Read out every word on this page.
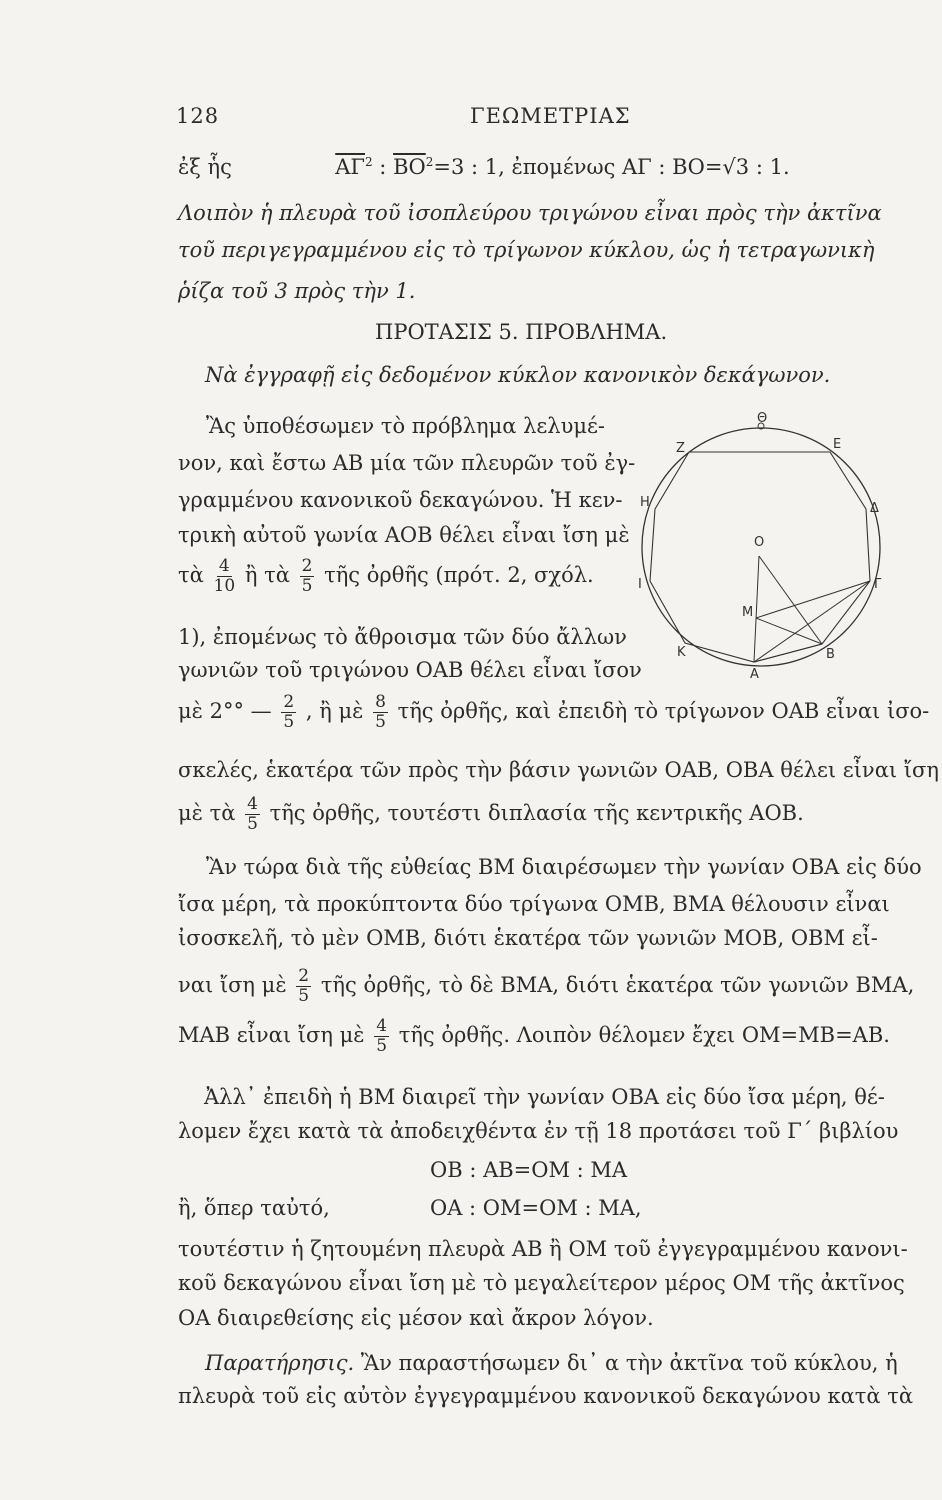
128	ΓΕΩΜΕΤΡΙΑΣ
ἐξ ἧς	$\overline{A\Gamma}^2$ : $\overline{BO}^2=3$ : 1, ἐπομένως ΑΓ : ΒΟ=√3 : 1.
Λοιπὸν ἡ πλευρὰ τοῦ ἰσοπλεύρου τριγώνου εἶναι πρὸς τὴν ἀκτῖνα
τοῦ περιγεγραμμένου εἰς τὸ τρίγωνον κύκλου, ὡς ἡ τετραγωνικὴ
ῥίζα τοῦ 3 πρὸς τὴν 1.
ΠΡΟΤΑΣΙΣ 5. ΠΡΟΒΛΗΜΑ.
Νὰ ἐγγραφῇ εἰς δεδομένον κύκλον κανονικὸν δεκάγωνον.
Ἂς ὑποθέσωμεν τὸ πρόβλημα λελυμέ-
νον, καὶ ἔστω ΑΒ μία τῶν πλευρῶν τοῦ ἐγ-
γραμμένου κανονικοῦ δεκαγώνου. Ἡ κεν-
τρικὴ αὐτοῦ γωνία ΑΟΒ θέλει εἶναι ἴση μὲ
τὰ $\frac{4}{10}$ ἢ τὰ $\frac{2}{5}$ τῆς ὀρθῆς (πρότ. 2, σχόλ.
1), ἐπομένως τὸ ἄθροισμα τῶν δύο ἄλλων
γωνιῶν τοῦ τριγώνου ΟΑΒ θέλει εἶναι ἴσον
μὲ 2°° — $\frac{2}{5}$ , ἢ μὲ $\frac{8}{5}$ τῆς ὀρθῆς, καὶ ἐπειδὴ τὸ τρίγωνον ΟΑΒ εἶναι ἰσο-
σκελές, ἑκατέρα τῶν πρὸς τὴν βάσιν γωνιῶν ΟΑΒ, ΟΒΑ θέλει εἶναι ἴση
μὲ τὰ $\frac{4}{5}$ τῆς ὀρθῆς, τουτέστι διπλασία τῆς κεντρικῆς ΑΟΒ.
Ἂν τώρα διὰ τῆς εὐθείας ΒΜ διαιρέσωμεν τὴν γωνίαν ΟΒΑ εἰς δύο
ἴσα μέρη, τὰ προκύπτοντα δύο τρίγωνα ΟΜΒ, ΒΜΑ θέλουσιν εἶναι
ἰσοσκελῆ, τὸ μὲν ΟΜΒ, διότι ἑκατέρα τῶν γωνιῶν ΜΟΒ, ΟΒΜ εἶ-
ναι ἴση μὲ $\frac{2}{5}$ τῆς ὀρθῆς, τὸ δὲ ΒΜΑ, διότι ἑκατέρα τῶν γωνιῶν ΒΜΑ,
ΜΑΒ εἶναι ἴση μὲ $\frac{4}{5}$ τῆς ὀρθῆς. Λοιπὸν θέλομεν ἔχει ΟΜ=ΜΒ=ΑΒ.
Ἀλλ᾽ ἐπειδὴ ἡ ΒΜ διαιρεῖ τὴν γωνίαν ΟΒΑ εἰς δύο ἴσα μέρη, θέ-
λομεν ἔχει κατὰ τὰ ἀποδειχθέντα ἐν τῇ 18 προτάσει τοῦ Γ´ βιβλίου
ΟΒ : ΑΒ=ΟΜ : ΜΑ
ἢ, ὅπερ ταὐτό,	ΟΑ : ΟΜ=ΟΜ : ΜΑ,
τουτέστιν ἡ ζητουμένη πλευρὰ ΑΒ ἢ ΟΜ τοῦ ἐγγεγραμμένου κανονι-
κοῦ δεκαγώνου εἶναι ἴση μὲ τὸ μεγαλείτερον μέρος ΟΜ τῆς ἀκτῖνος
ΟΑ διαιρεθείσης εἰς μέσον καὶ ἄκρον λόγον.
Παρατήρησις. Ἂν παραστήσωμεν δι᾽ α τὴν ἀκτῖνα τοῦ κύκλου, ἡ
πλευρὰ τοῦ εἰς αὐτὸν ἐγγεγραμμένου κανονικοῦ δεκαγώνου κατὰ τὰ
Θ
Ζ	Ε
Η	Δ
Ο
Ι	Γ
Μ
Κ	Β
Α
